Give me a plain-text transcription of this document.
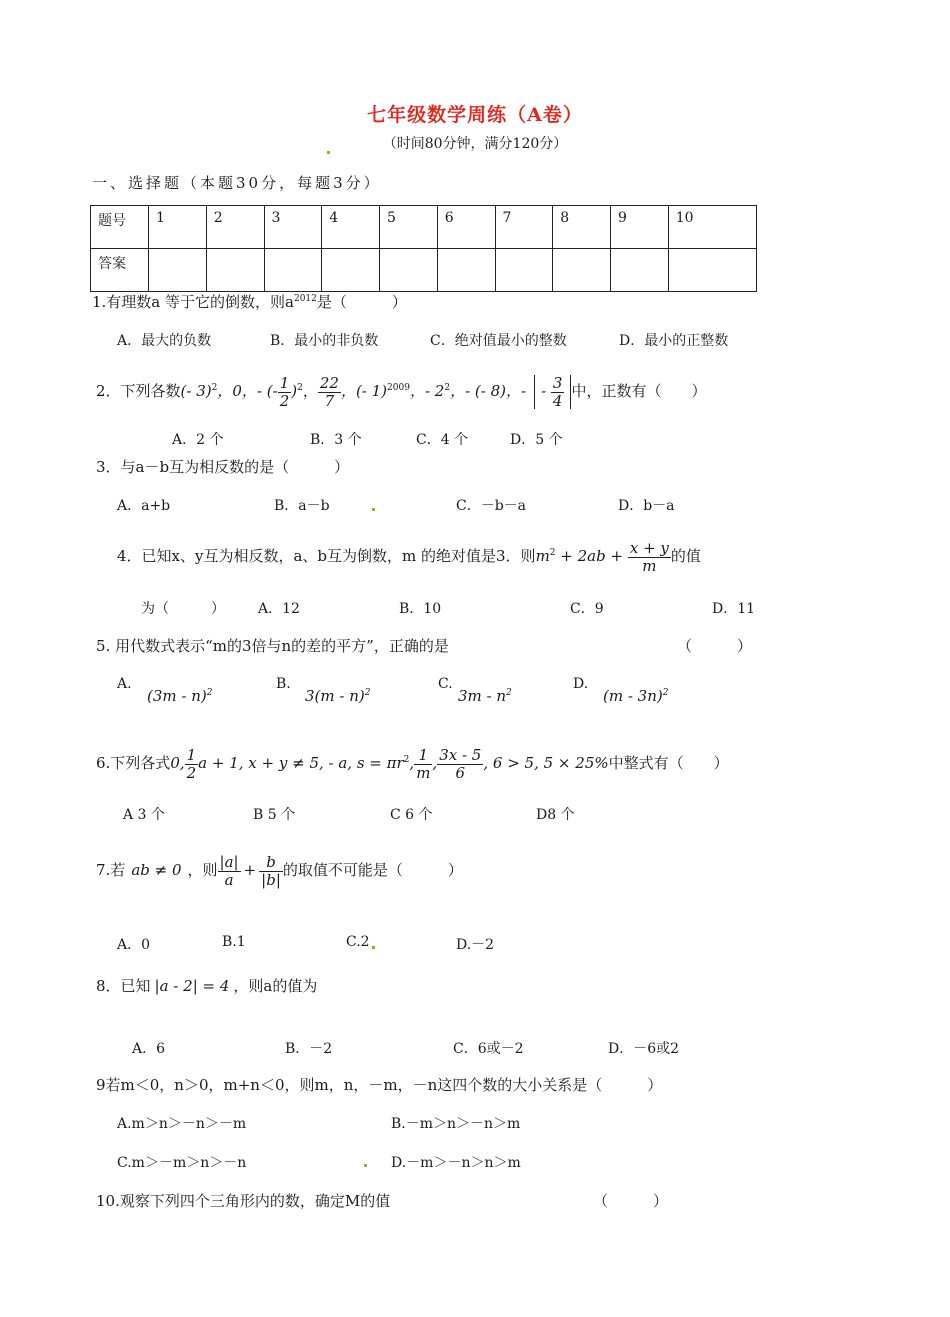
七年级数学周练（A卷）
（时间80分钟，满分120分）
一、选择题（本题30分，每题3分）
题号	1	2	3	4	5	6	7	8	9	10
答案										
1.有理数a 等于它的倒数，则$a^{2012}$是（　　　）
A．最大的负数	B．最小的非负数	C．绝对值最小的整数	D．最小的正整数
2．下列各数(- 3)$^2$，0，- (- $\frac{1}{2} )^2$， $\frac{22}{7}$ ，(- 1)$^{2009}$，- $2^2$，- (- 8)，- - $\frac{3}{4}$ 中，正数有（　　）
A．2 个	B．3 个	C．4 个	D．5 个
3．与a－b互为相反数的是（　　　）
A．a+b	B．a－b	C．－b－a	D．b－a
4．已知x、y互为相反数，a、b互为倒数，m 的绝对值是3．则$m^2 + 2ab + \frac{x + y}{m}$ 的值
为（　　　） A．12	B．10	C．9	D．11
5. 用代数式表示“m的3倍与n的差的平方”，正确的是	（　　　）
A.
(3m - n)$^2$
B.
3(m - n)$^2$
C.
$3m - n^2$
D.
(m - 3n)$^2$
6.下列各式0, $\frac{1}{2}$ a + 1, x + y ≠ 5, - a, $s = \pi r^2$, $\frac{1}{m}$ , $\frac{3x - 5}{6}$ , 6 > 5, 5 × 25%中整式有（　　）
A 3 个	B 5 个	C 6 个	D8 个
7.若 ab ≠ 0 ，则 $\frac{|a|}{a} + \frac{b}{|b|}$ 的取值不可能是（　　　）
A．0	B.1	C.2	D.－2
8．已知 |a - 2| = 4 ，则a的值为
A．6	B．－2	C．6或－2	D．－6或2
9若m＜0，n＞0，m+n＜0，则m，n，－m，－n这四个数的大小关系是（　　　）
A.m＞n＞－n＞－m	B.－m＞n＞－n＞m
C.m＞－m＞n＞－n	D.－m＞－n＞n＞m
10.观察下列四个三角形内的数，确定M的值	（　　　）
